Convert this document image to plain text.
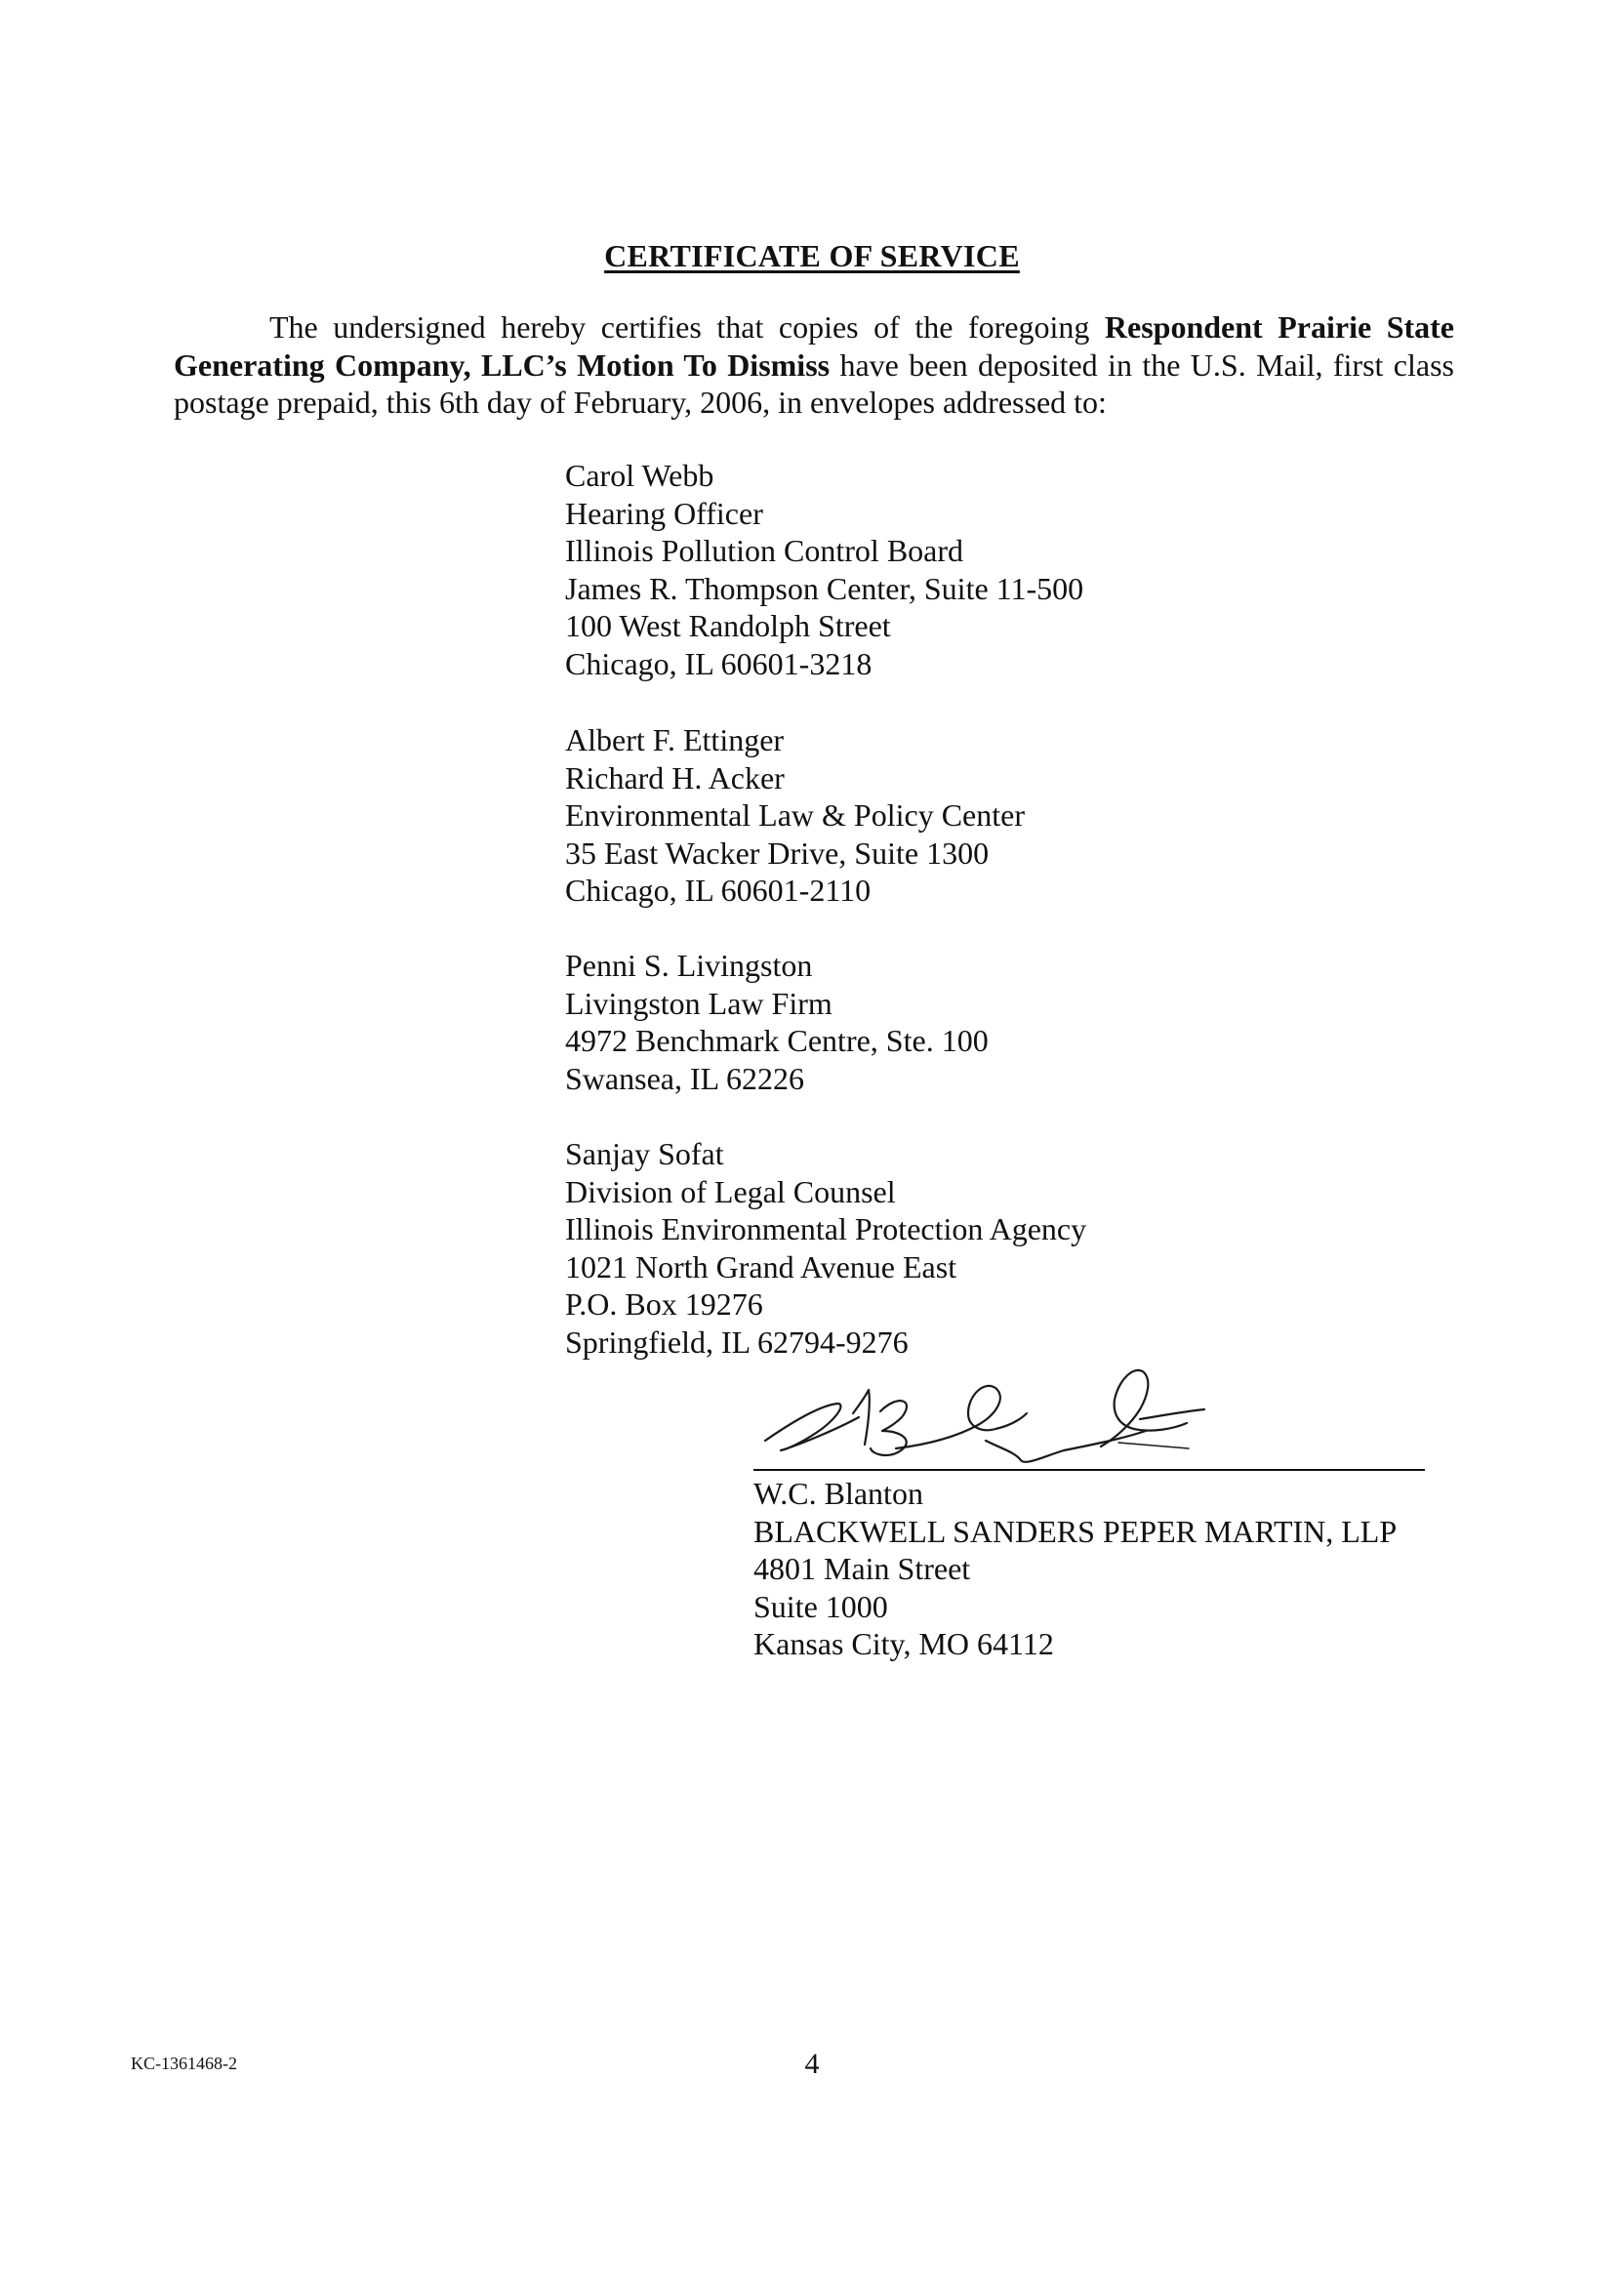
CERTIFICATE OF SERVICE
The undersigned hereby certifies that copies of the foregoing Respondent Prairie State Generating Company, LLC’s Motion To Dismiss have been deposited in the U.S. Mail, first class postage prepaid, this 6th day of February, 2006, in envelopes addressed to:
Carol Webb
Hearing Officer
Illinois Pollution Control Board
James R. Thompson Center, Suite 11-500
100 West Randolph Street
Chicago, IL 60601-3218
Albert F. Ettinger
Richard H. Acker
Environmental Law & Policy Center
35 East Wacker Drive, Suite 1300
Chicago, IL 60601-2110
Penni S. Livingston
Livingston Law Firm
4972 Benchmark Centre, Ste. 100
Swansea, IL 62226
Sanjay Sofat
Division of Legal Counsel
Illinois Environmental Protection Agency
1021 North Grand Avenue East
P.O. Box 19276
Springfield, IL 62794-9276
W.C. Blanton
BLACKWELL SANDERS PEPER MARTIN, LLP
4801 Main Street
Suite 1000
Kansas City, MO 64112
KC-1361468-2	4
